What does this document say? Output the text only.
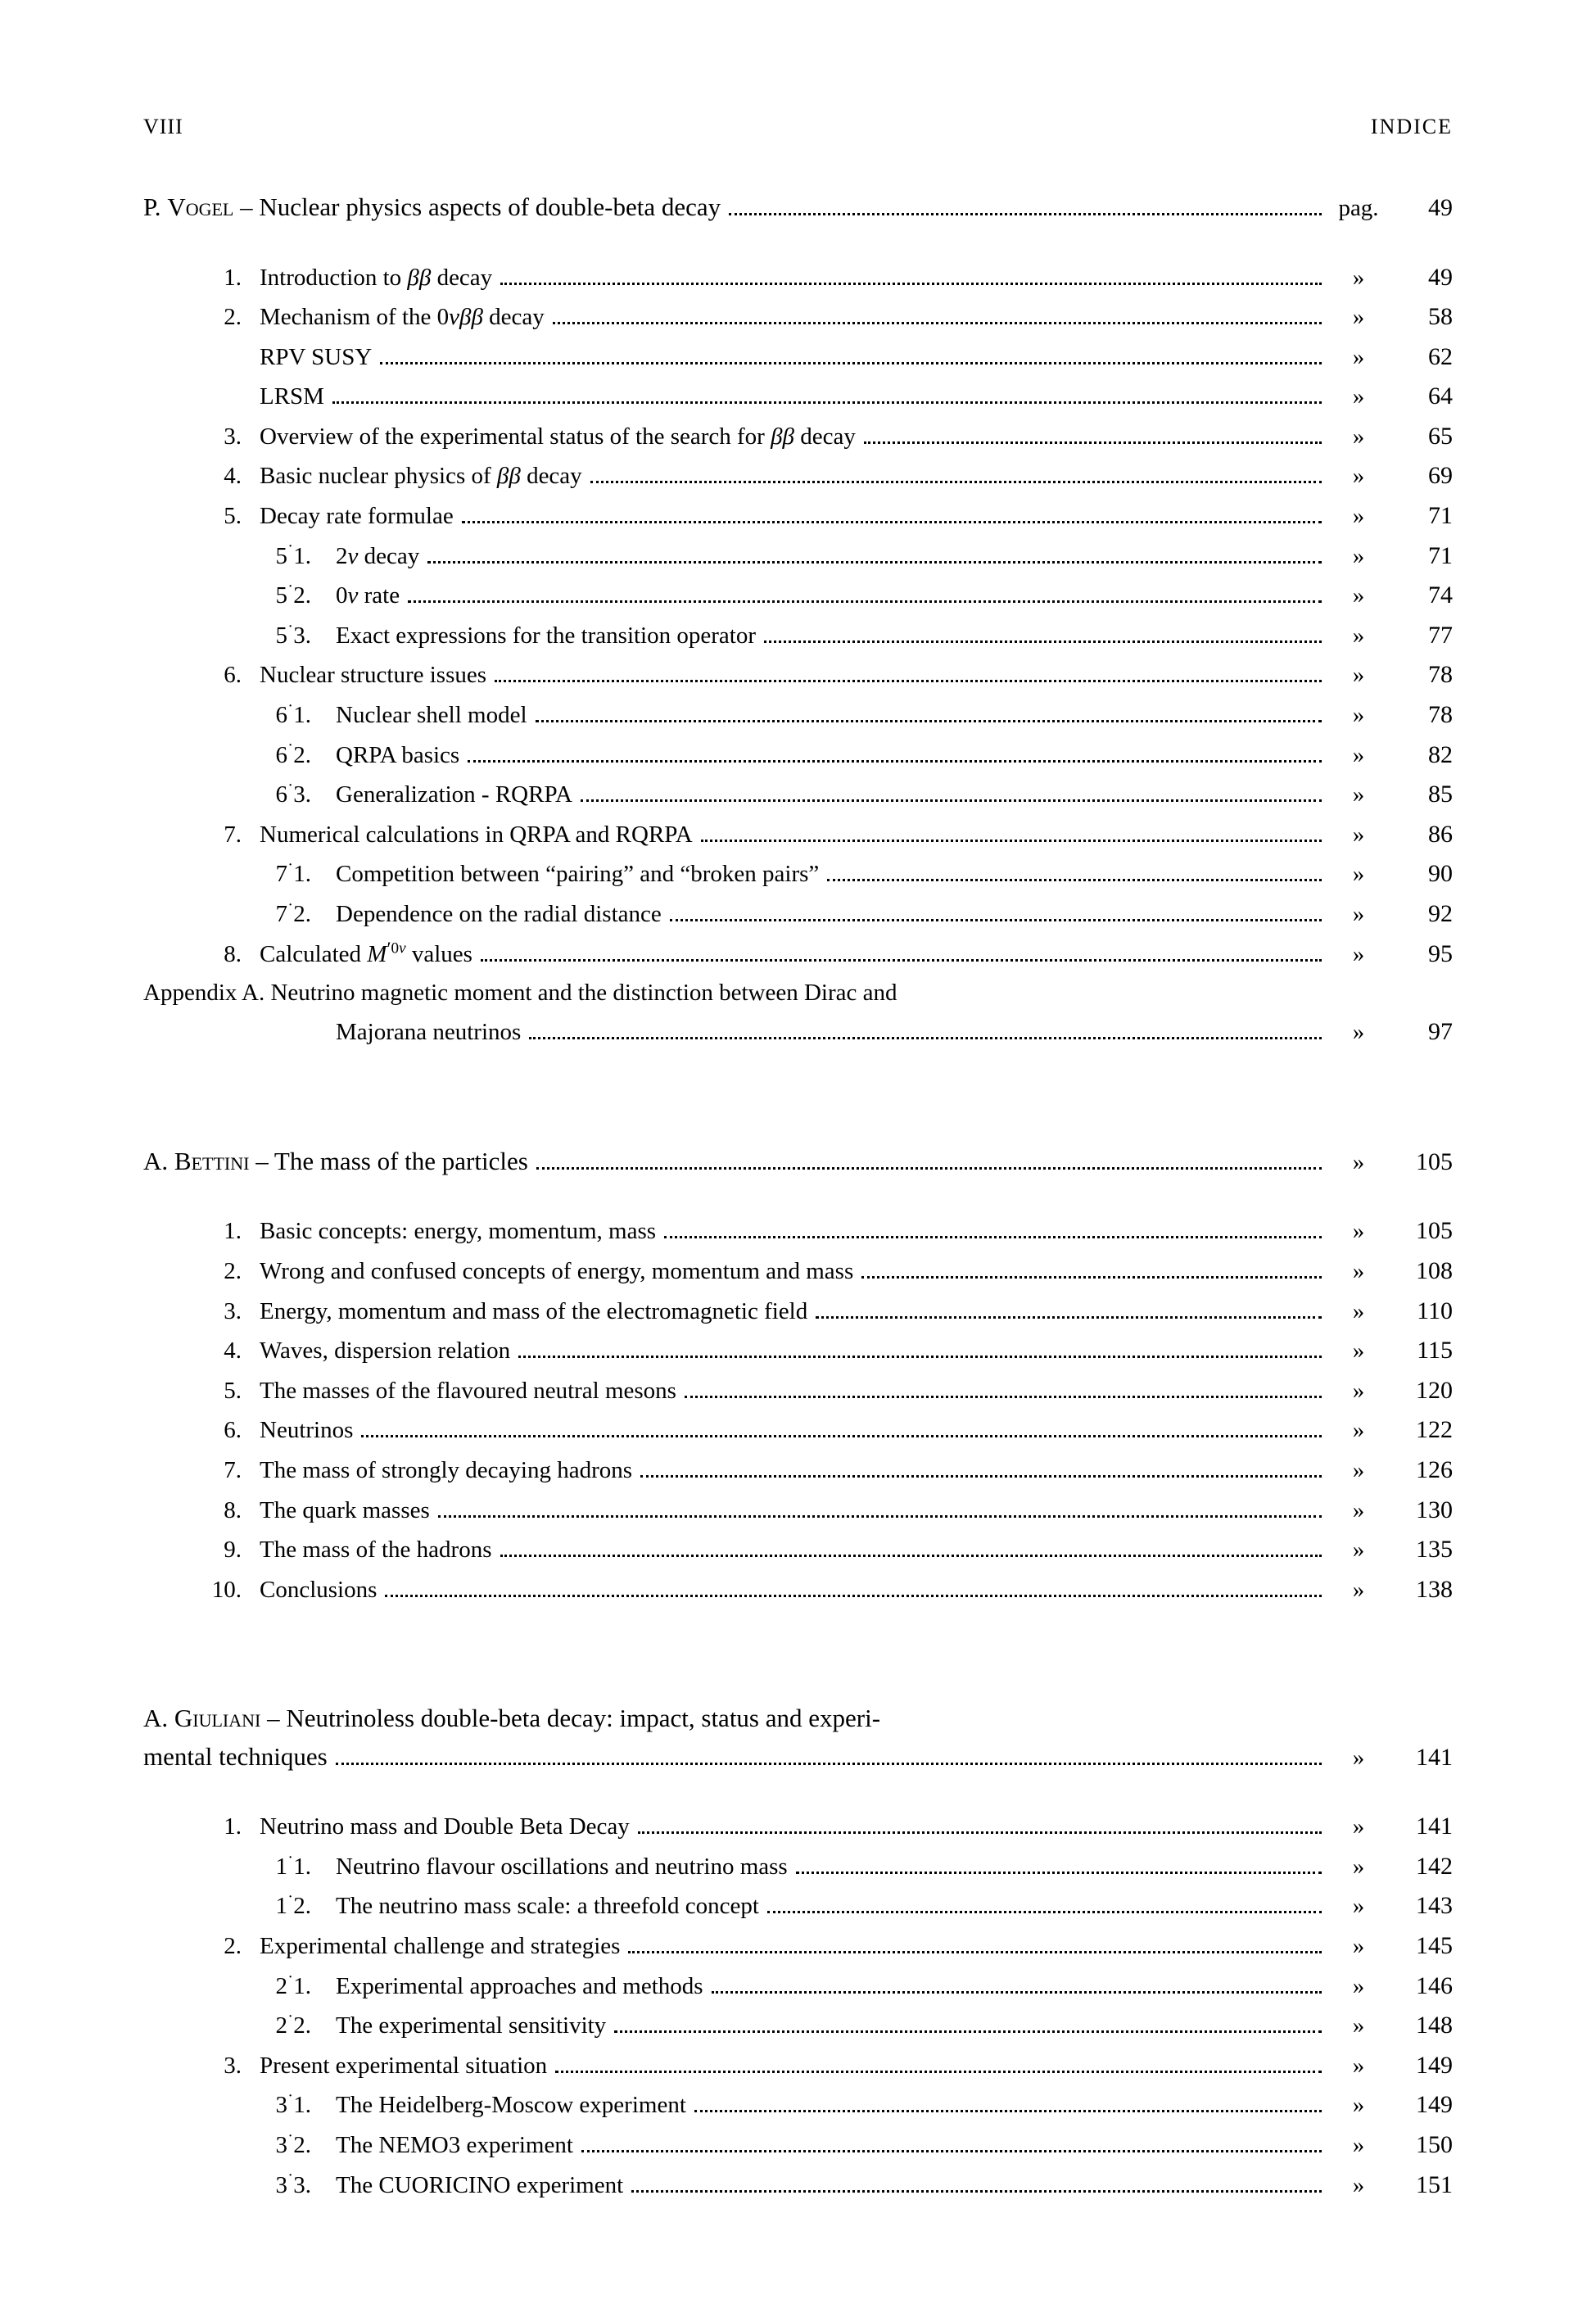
VIII	INDICE
P. Vogel – Nuclear physics aspects of double-beta decay	pag.	49
1. Introduction to ββ decay	»	49
2. Mechanism of the 0νββ decay	»	58
RPV SUSY	»	62
LRSM	»	64
3. Overview of the experimental status of the search for ββ decay	»	65
4. Basic nuclear physics of ββ decay	»	69
5. Decay rate formulae	»	71
5˙1. 2ν decay	»	71
5˙2. 0ν rate	»	74
5˙3. Exact expressions for the transition operator	»	77
6. Nuclear structure issues	»	78
6˙1. Nuclear shell model	»	78
6˙2. QRPA basics	»	82
6˙3. Generalization - RQRPA	»	85
7. Numerical calculations in QRPA and RQRPA	»	86
7˙1. Competition between “pairing” and “broken pairs”	»	90
7˙2. Dependence on the radial distance	»	92
8. Calculated $M^{'0\nu}$ values	»	95
Appendix A. Neutrino magnetic moment and the distinction between Dirac and
Majorana neutrinos	»	97
A. Bettini – The mass of the particles	»	105
1. Basic concepts: energy, momentum, mass	»	105
2. Wrong and confused concepts of energy, momentum and mass	»	108
3. Energy, momentum and mass of the electromagnetic field	»	110
4. Waves, dispersion relation	»	115
5. The masses of the flavoured neutral mesons	»	120
6. Neutrinos	»	122
7. The mass of strongly decaying hadrons	»	126
8. The quark masses	»	130
9. The mass of the hadrons	»	135
10. Conclusions	»	138
A. Giuliani – Neutrinoless double-beta decay: impact, status and experi-
mental techniques	»	141
1. Neutrino mass and Double Beta Decay	»	141
1˙1. Neutrino flavour oscillations and neutrino mass	»	142
1˙2. The neutrino mass scale: a threefold concept	»	143
2. Experimental challenge and strategies	»	145
2˙1. Experimental approaches and methods	»	146
2˙2. The experimental sensitivity	»	148
3. Present experimental situation	»	149
3˙1. The Heidelberg-Moscow experiment	»	149
3˙2. The NEMO3 experiment	»	150
3˙3. The CUORICINO experiment	»	151
